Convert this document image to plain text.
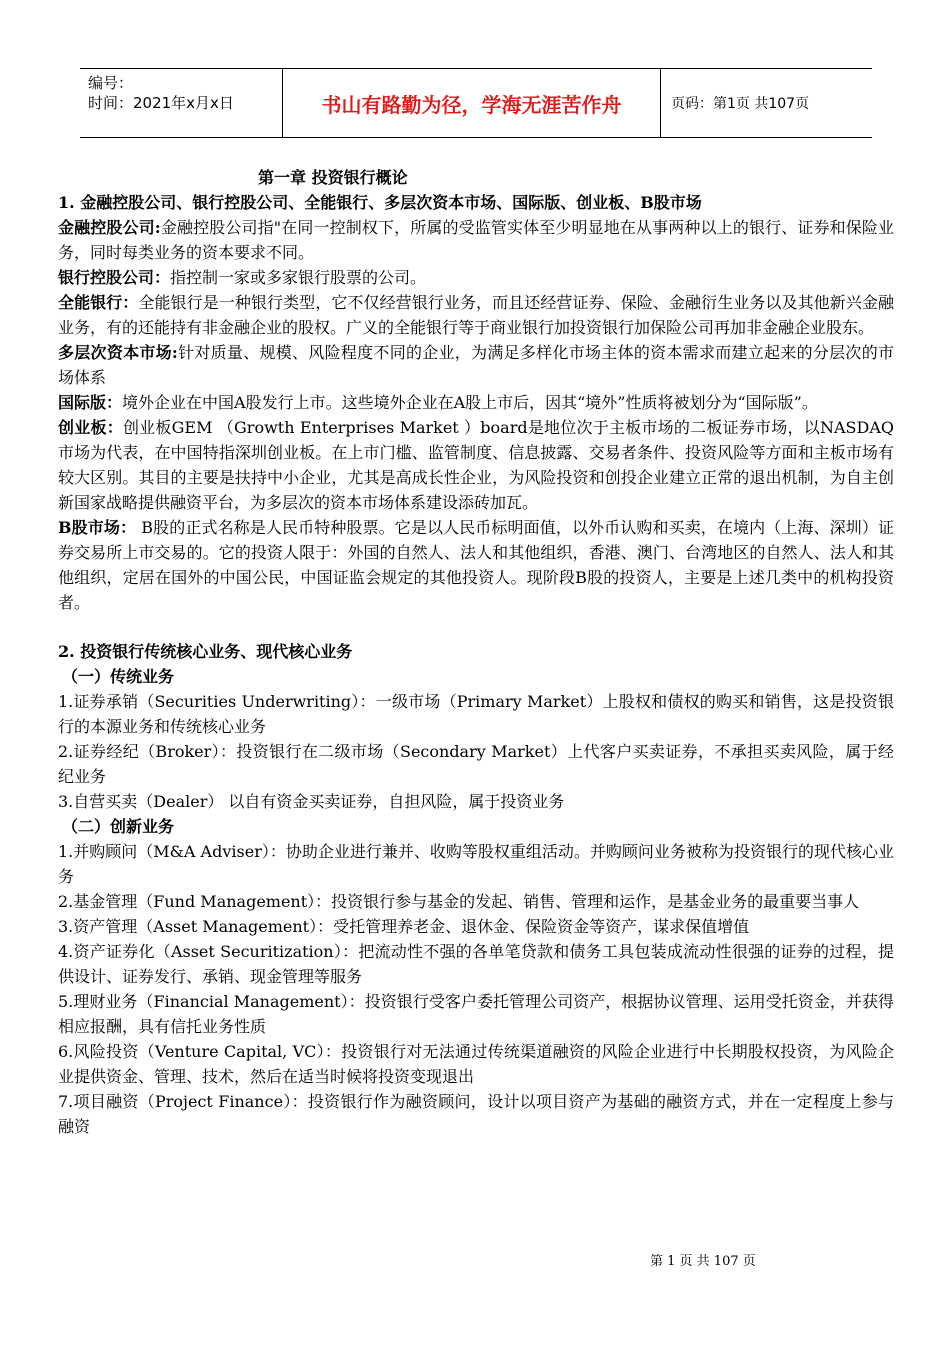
编号：
时间：2021年x月x日	书山有路勤为径，学海无涯苦作舟	页码：第1页 共107页
第一章 投资银行概论

1. 金融控股公司、银行控股公司、全能银行、多层次资本市场、国际版、创业板、B股市场

金融控股公司:金融控股公司指"在同一控制权下，所属的受监管实体至少明显地在从事两种以上的银行、证券和保险业务，同时每类业务的资本要求不同。

银行控股公司：指控制一家或多家银行股票的公司。

全能银行：全能银行是一种银行类型，它不仅经营银行业务，而且还经营证券、保险、金融衍生业务以及其他新兴金融业务，有的还能持有非金融企业的股权。广义的全能银行等于商业银行加投资银行加保险公司再加非金融企业股东。

多层次资本市场:针对质量、规模、风险程度不同的企业，为满足多样化市场主体的资本需求而建立起来的分层次的市场体系

国际版：境外企业在中国A股发行上市。这些境外企业在A股上市后，因其“境外”性质将被划分为“国际版”。

创业板：创业板GEM （Growth Enterprises Market ）board是地位次于主板市场的二板证券市场，以NASDAQ市场为代表，在中国特指深圳创业板。在上市门槛、监管制度、信息披露、交易者条件、投资风险等方面和主板市场有较大区别。其目的主要是扶持中小企业，尤其是高成长性企业，为风险投资和创投企业建立正常的退出机制，为自主创新国家战略提供融资平台，为多层次的资本市场体系建设添砖加瓦。

B股市场： B股的正式名称是人民币特种股票。它是以人民币标明面值，以外币认购和买卖，在境内（上海、深圳）证券交易所上市交易的。它的投资人限于：外国的自然人、法人和其他组织，香港、澳门、台湾地区的自然人、法人和其他组织，定居在国外的中国公民，中国证监会规定的其他投资人。现阶段B股的投资人，主要是上述几类中的机构投资者。

2. 投资银行传统核心业务、现代核心业务

（一）传统业务

1.证券承销（Securities Underwriting）：一级市场（Primary Market）上股权和债权的购买和销售，这是投资银行的本源业务和传统核心业务

2.证券经纪（Broker）：投资银行在二级市场（Secondary Market）上代客户买卖证券，不承担买卖风险，属于经纪业务

3.自营买卖（Dealer） 以自有资金买卖证券，自担风险，属于投资业务

（二）创新业务

1.并购顾问（M&A Adviser）：协助企业进行兼并、收购等股权重组活动。并购顾问业务被称为投资银行的现代核心业务

2.基金管理（Fund Management）：投资银行参与基金的发起、销售、管理和运作，是基金业务的最重要当事人

3.资产管理（Asset Management）：受托管理养老金、退休金、保险资金等资产，谋求保值增值

4.资产证券化（Asset Securitization）：把流动性不强的各单笔贷款和债务工具包装成流动性很强的证券的过程，提供设计、证券发行、承销、现金管理等服务

5.理财业务（Financial Management）：投资银行受客户委托管理公司资产，根据协议管理、运用受托资金，并获得相应报酬，具有信托业务性质

6.风险投资（Venture Capital, VC）：投资银行对无法通过传统渠道融资的风险企业进行中长期股权投资，为风险企业提供资金、管理、技术，然后在适当时候将投资变现退出

7.项目融资（Project Finance）：投资银行作为融资顾问，设计以项目资产为基础的融资方式，并在一定程度上参与融资

第 1 页 共 107 页
